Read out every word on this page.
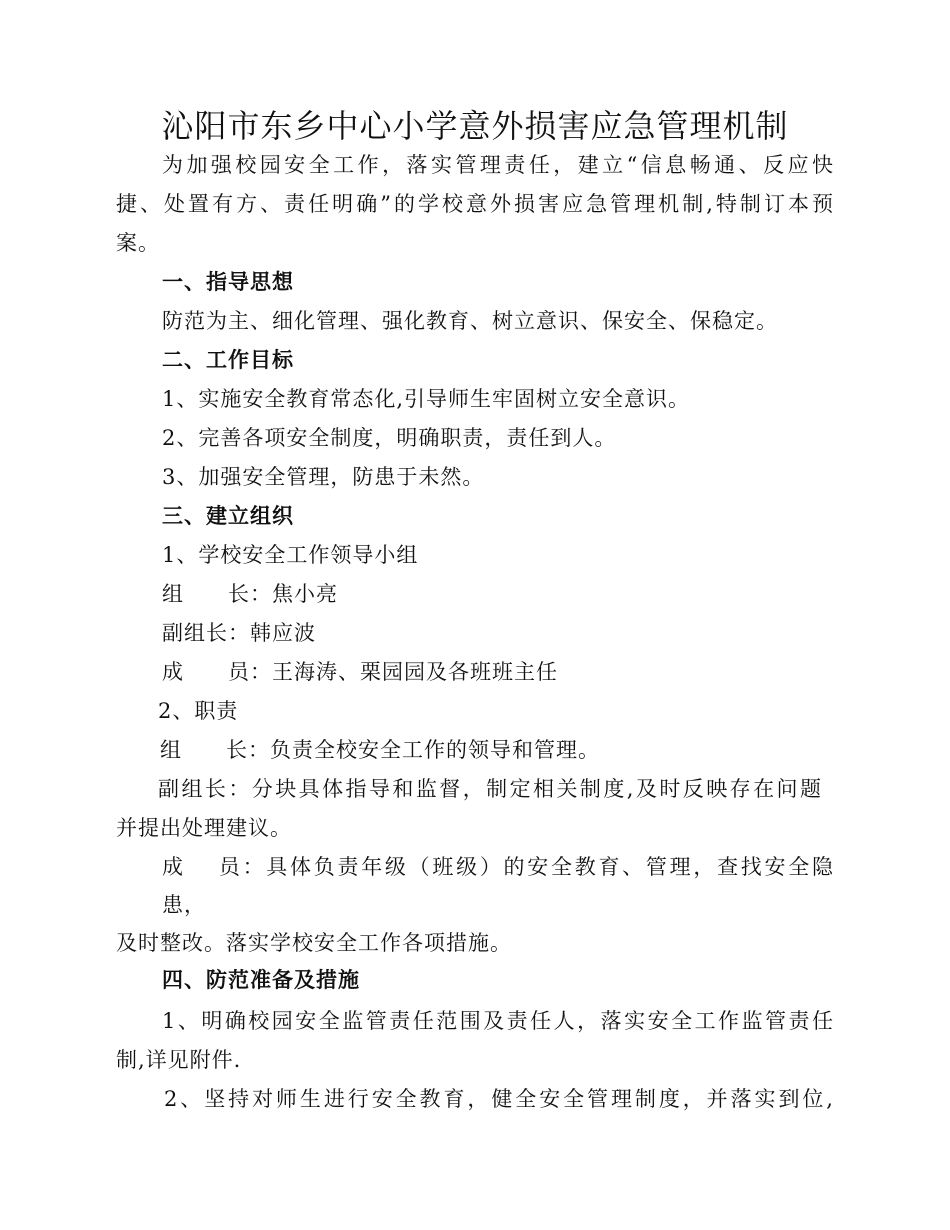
沁阳市东乡中心小学意外损害应急管理机制
为加强校园安全工作，落实管理责任，建立“信息畅通、反应快
捷、处置有方、责任明确”的学校意外损害应急管理机制,特制订本预
案。
一、指导思想
防范为主、细化管理、强化教育、树立意识、保安全、保稳定。
二、工作目标
1、实施安全教育常态化,引导师生牢固树立安全意识。
2、完善各项安全制度，明确职责，责任到人。
3、加强安全管理，防患于未然。
三、建立组织
1、学校安全工作领导小组
组　　长：焦小亮
副组长：韩应波
成　　员：王海涛、栗园园及各班班主任
2、职责
组　　长：负责全校安全工作的领导和管理。
副组长：分块具体指导和监督，制定相关制度,及时反映存在问题
并提出处理建议。
成　 员：具体负责年级（班级）的安全教育、管理，查找安全隐
患，
及时整改。落实学校安全工作各项措施。
四、防范准备及措施
1、明确校园安全监管责任范围及责任人，落实安全工作监管责任
制,详见附件.
2、坚持对师生进行安全教育，健全安全管理制度，并落实到位,
